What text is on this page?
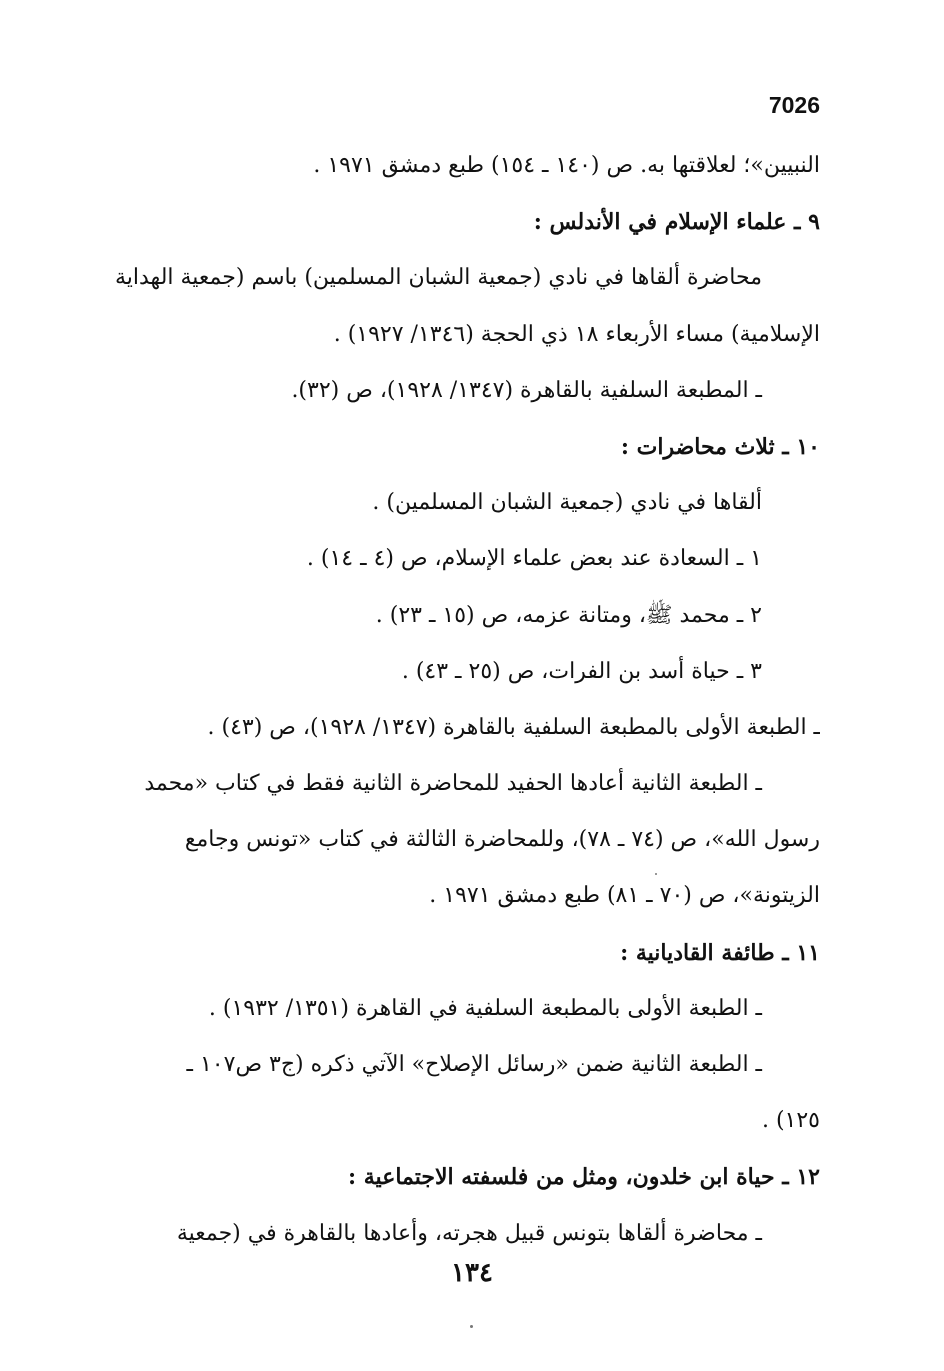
7026
النبيين»؛ لعلاقتها به. ص (١٤٠ ـ ١٥٤) طبع دمشق ١٩٧١ .
٩ ـ علماء الإسلام في الأندلس :
محاضرة ألقاها في نادي (جمعية الشبان المسلمين) باسم (جمعية الهداية
الإسلامية) مساء الأربعاء ١٨ ذي الحجة (١٣٤٦/ ١٩٢٧) .
ـ المطبعة السلفية بالقاهرة (١٣٤٧/ ١٩٢٨)، ص (٣٢).
١٠ ـ ثلاث محاضرات :
ألقاها في نادي (جمعية الشبان المسلمين) .
١ ـ السعادة عند بعض علماء الإسلام، ص (٤ ـ ١٤) .
٢ ـ محمد ﷺ، ومتانة عزمه، ص (١٥ ـ ٢٣) .
٣ ـ حياة أسد بن الفرات، ص (٢٥ ـ ٤٣) .
ـ الطبعة الأولى بالمطبعة السلفية بالقاهرة (١٣٤٧/ ١٩٢٨)، ص (٤٣) .
ـ الطبعة الثانية أعادها الحفيد للمحاضرة الثانية فقط في كتاب «محمد
رسول الله»، ص (٧٤ ـ ٧٨)، وللمحاضرة الثالثة في كتاب «تونس وجامع
الزيتونة»، ص (٧٠ ـ ٨١) طبع دمشق ١٩٧١ .
١١ ـ طائفة القاديانية :
ـ الطبعة الأولى بالمطبعة السلفية في القاهرة (١٣٥١/ ١٩٣٢) .
ـ الطبعة الثانية ضمن «رسائل الإصلاح» الآتي ذكره (ج٣ ص١٠٧ ـ
١٢٥) .
١٢ ـ حياة ابن خلدون، ومثل من فلسفته الاجتماعية :
ـ محاضرة ألقاها بتونس قبيل هجرته، وأعادها بالقاهرة في (جمعية
١٣٤
